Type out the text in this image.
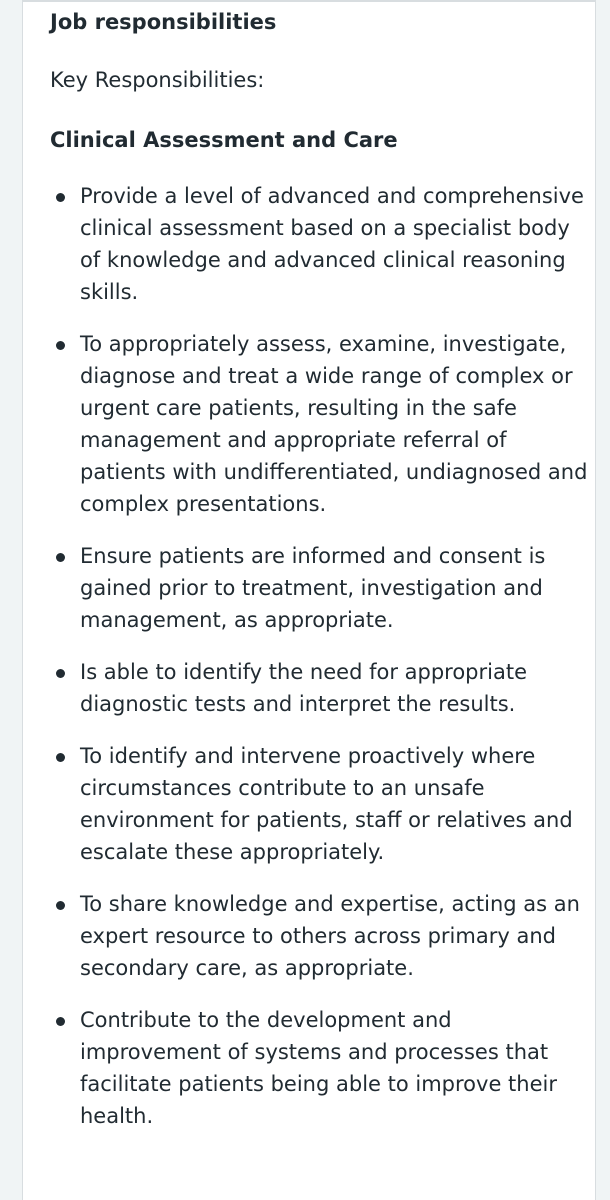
Job responsibilities

Key Responsibilities:

Clinical Assessment and Care

Provide a level of advanced and comprehensive clinical assessment based on a specialist body of knowledge and advanced clinical reasoning skills.
To appropriately assess, examine, investigate, diagnose and treat a wide range of complex or urgent care patients, resulting in the safe management and appropriate referral of patients with undifferentiated, undiagnosed and complex presentations.
Ensure patients are informed and consent is gained prior to treatment, investigation and management, as appropriate.
Is able to identify the need for appropriate diagnostic tests and interpret the results.
To identify and intervene proactively where circumstances contribute to an unsafe environment for patients, staff or relatives and escalate these appropriately.
To share knowledge and expertise, acting as an expert resource to others across primary and secondary care, as appropriate.
Contribute to the development and improvement of systems and processes that facilitate patients being able to improve their health.
